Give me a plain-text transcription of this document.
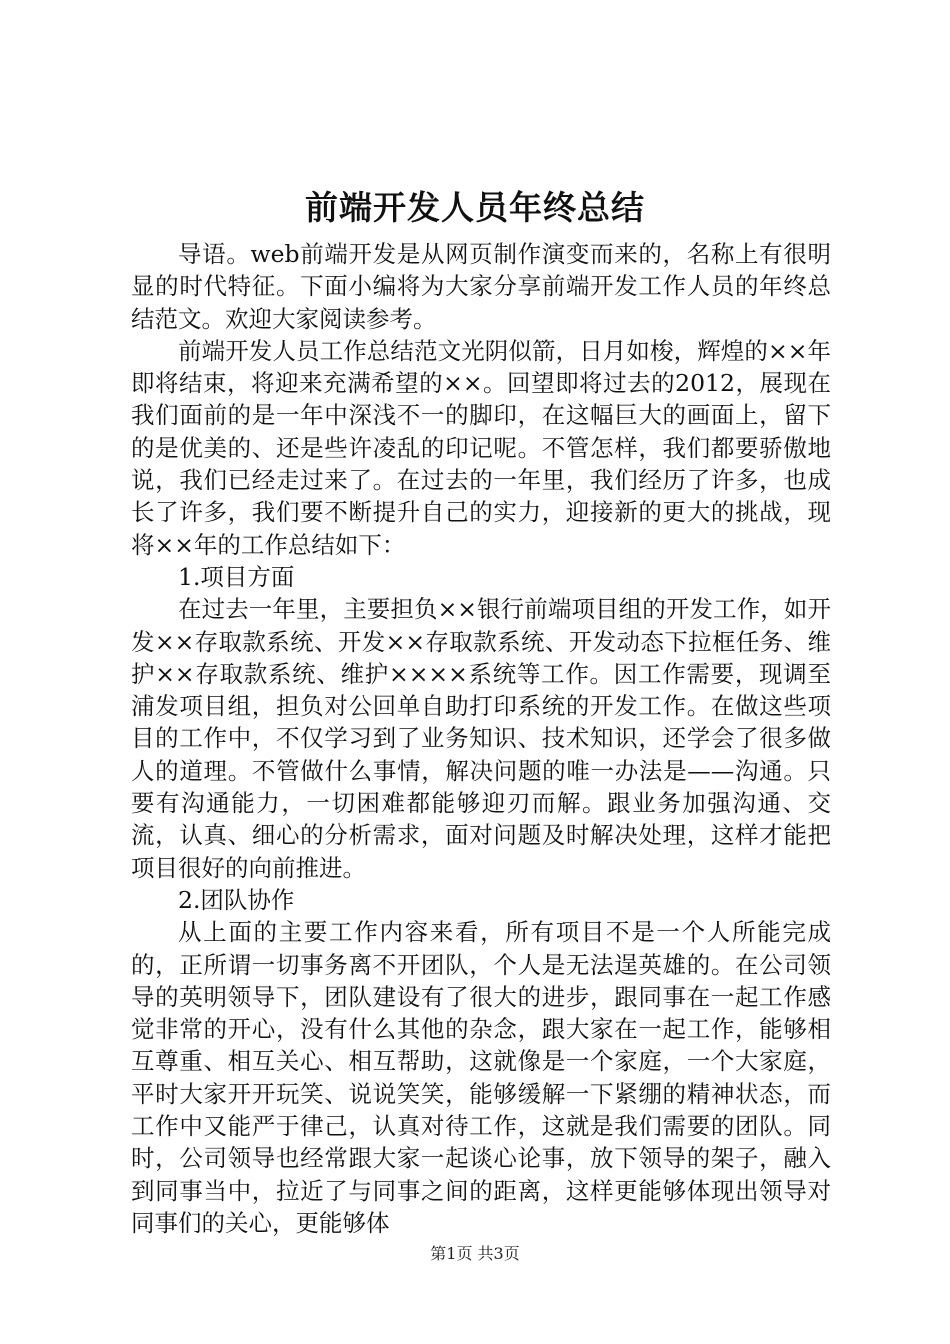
前端开发人员年终总结

导语。web前端开发是从网页制作演变而来的，名称上有很明显的时代特征。下面小编将为大家分享前端开发工作人员的年终总结范文。欢迎大家阅读参考。

前端开发人员工作总结范文光阴似箭，日月如梭，辉煌的××年即将结束，将迎来充满希望的××。回望即将过去的2012，展现在我们面前的是一年中深浅不一的脚印，在这幅巨大的画面上，留下的是优美的、还是些许凌乱的印记呢。不管怎样，我们都要骄傲地说，我们已经走过来了。在过去的一年里，我们经历了许多，也成长了许多，我们要不断提升自己的实力，迎接新的更大的挑战，现将××年的工作总结如下：

1.项目方面

在过去一年里，主要担负××银行前端项目组的开发工作，如开发××存取款系统、开发××存取款系统、开发动态下拉框任务、维护××存取款系统、维护××××系统等工作。因工作需要，现调至浦发项目组，担负对公回单自助打印系统的开发工作。在做这些项目的工作中，不仅学习到了业务知识、技术知识，还学会了很多做人的道理。不管做什么事情，解决问题的唯一办法是——沟通。只要有沟通能力，一切困难都能够迎刃而解。跟业务加强沟通、交流，认真、细心的分析需求，面对问题及时解决处理，这样才能把项目很好的向前推进。

2.团队协作

从上面的主要工作内容来看，所有项目不是一个人所能完成的，正所谓一切事务离不开团队，个人是无法逞英雄的。在公司领导的英明领导下，团队建设有了很大的进步，跟同事在一起工作感觉非常的开心，没有什么其他的杂念，跟大家在一起工作，能够相互尊重、相互关心、相互帮助，这就像是一个家庭，一个大家庭，平时大家开开玩笑、说说笑笑，能够缓解一下紧绷的精神状态，而工作中又能严于律己，认真对待工作，这就是我们需要的团队。同时，公司领导也经常跟大家一起谈心论事，放下领导的架子，融入到同事当中，拉近了与同事之间的距离，这样更能够体现出领导对同事们的关心，更能够体

第1页 共3页
